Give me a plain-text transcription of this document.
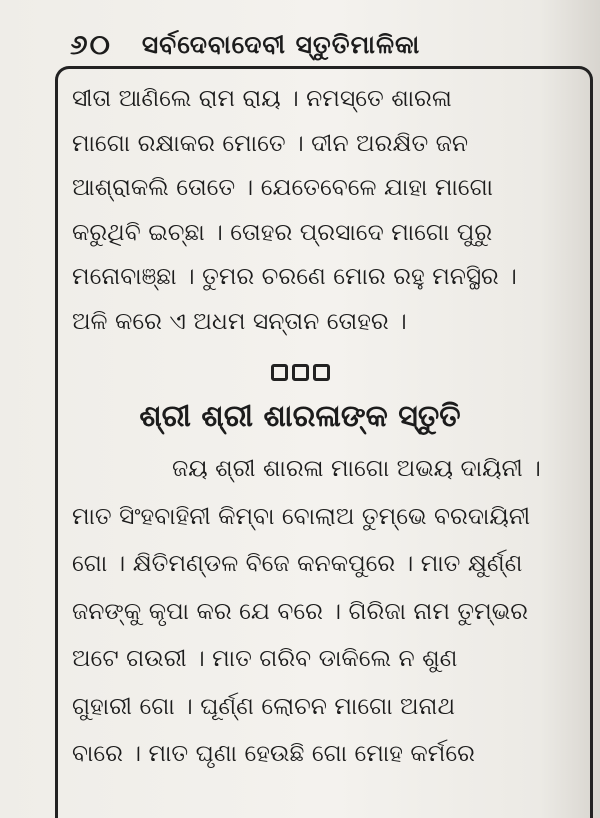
୬୦ ସର୍ବଦେବାଦେବୀ ସ୍ତୁତିମାଳିକା

ସୀତା ଆଣିଲେ ରାମ ରାୟ । ନମସ୍ତେ ଶାରଳା

ମାଗୋ ରକ୍ଷାକର ମୋତେ । ଦୀନ ଅରକ୍ଷିତ ଜନ

ଆଶ୍ରାକଲି ତୋତେ । ଯେତେବେଳେ ଯାହା ମାଗୋ

କରୁଥିବି ଇଚ୍ଛା । ତୋହର ପ୍ରସାଦେ ମାଗୋ ପୁରୁ

ମନୋବାଞ୍ଛା । ତୁମର ଚରଣେ ମୋର ରହୁ ମନସ୍ଥିର ।

ଅଳି କରେ ଏ ଅଧମ ସନ୍ତାନ ତୋହର ।

ଶ୍ରୀ ଶ୍ରୀ ଶାରଳାଙ୍କ ସ୍ତୁତି

ଜୟ ଶ୍ରୀ ଶାରଳା ମାଗୋ ଅଭୟ ଦାୟିନୀ ।

ମାତ ସିଂହବାହିନୀ କିମ୍ବା ବୋଲାଅ ତୁମ୍ଭେ ବରଦାୟିନୀ

ଗୋ । କ୍ଷିତିମଣ୍ଡଳ ବିଜେ କନକପୁରେ । ମାତ କ୍ଷୁର୍ଣ୍ଣ

ଜନଙ୍କୁ କୃପା କର ଯେ ବରେ । ଗିରିଜା ନାମ ତୁମ୍ଭର

ଅଟେ ଗଉରୀ । ମାତ ଗରିବ ଡାକିଲେ ନ ଶୁଣ

ଗୁହାରୀ ଗୋ । ଘୂର୍ଣ୍ଣ ଲୋଚନ ମାଗୋ ଅନାଥ

ବାରେ । ମାତ ଘୃଣା ହେଉଛି ଗୋ ମୋହ କର୍ମରେ
